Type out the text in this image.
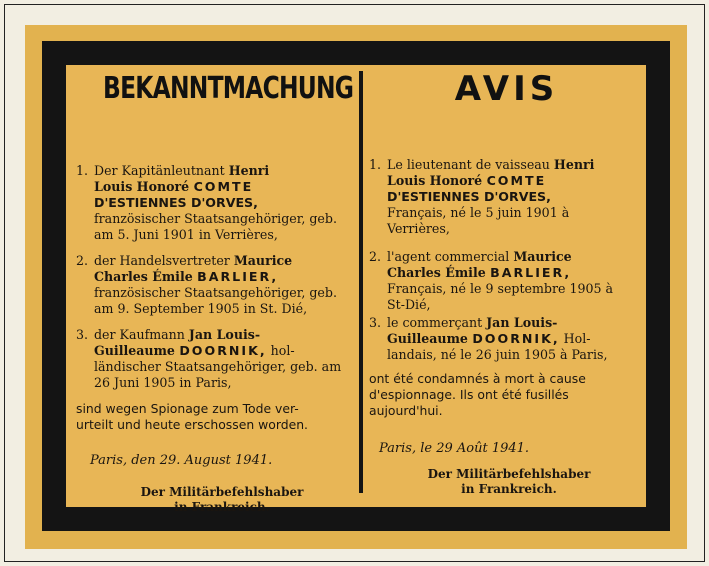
BEKANNTMACHUNG	AVIS
1. Der Kapitänleutnant Henri
Louis Honoré COMTE
D'ESTIENNES D'ORVES,
französischer Staatsangehöriger, geb.
am 5. Juni 1901 in Verrières,
2. der Handelsvertreter Maurice
Charles Émile BARLIER,
französischer Staatsangehöriger, geb.
am 9. September 1905 in St. Dié,
3. der Kaufmann Jan Louis-
Guilleaume DOORNIK, hol-
ländischer Staatsangehöriger, geb. am
26 Juni 1905 in Paris,
sind wegen Spionage zum Tode ver-
urteilt und heute erschossen worden.
Paris, den 29. August 1941.
Der Militärbefehlshaber
in Frankreich.
1. Le lieutenant de vaisseau Henri
Louis Honoré COMTE
D'ESTIENNES D'ORVES,
Français, né le 5 juin 1901 à
Verrières,
2. l'agent commercial Maurice
Charles Émile BARLIER,
Français, né le 9 septembre 1905 à
St-Dié,
3. le commerçant Jan Louis-
Guilleaume DOORNIK, Hol-
landais, né le 26 juin 1905 à Paris,
ont été condamnés à mort à cause
d'espionnage. Ils ont été fusillés
aujourd'hui.
Paris, le 29 Août 1941.
Der Militärbefehlshaber
in Frankreich.
